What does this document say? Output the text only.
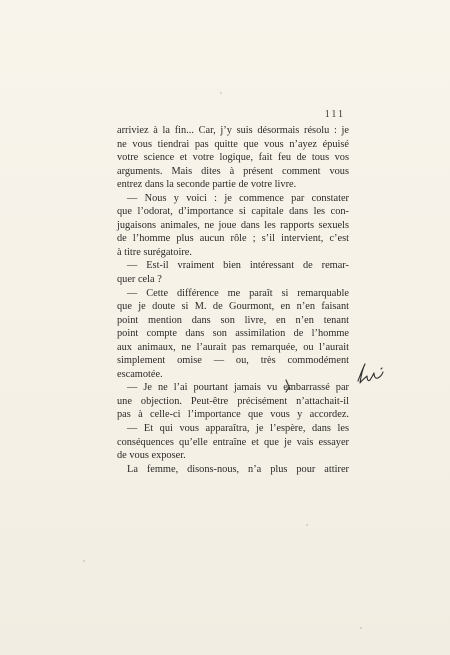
111
arriviez à la fin... Car, j’y suis désormais résolu : je
ne vous tiendrai pas quitte que vous n’ayez épuisé
votre science et votre logique, fait feu de tous vos
arguments. Mais dites à présent comment vous
entrez dans la seconde partie de votre livre.
— Nous y voici : je commence par constater
que l’odorat, d’importance si capitale dans les con-
jugaisons animales, ne joue dans les rapports sexuels
de l’homme plus aucun rôle ; s’il intervient, c’est
à titre surégatoire.
— Est-il vraiment bien intéressant de remar-
quer cela ?
— Cette différence me paraît si remarquable
que je doute si M. de Gourmont, en n’en faisant
point mention dans son livre, en n’en tenant
point compte dans son assimilation de l’homme
aux animaux, ne l’aurait pas remarquée, ou l’aurait
simplement omise — ou, très commodément
escamotée.
— Je ne l’ai pourtant jamais vu embarrassé par
une objection. Peut-être précisément n’attachait-il
pas à celle-ci l’importance que vous y accordez.
— Et qui vous apparaîtra, je l’espère, dans les
conséquences qu’elle entraîne et que je vais essayer
de vous exposer.
La femme, disons-nous, n’a plus pour attirer
